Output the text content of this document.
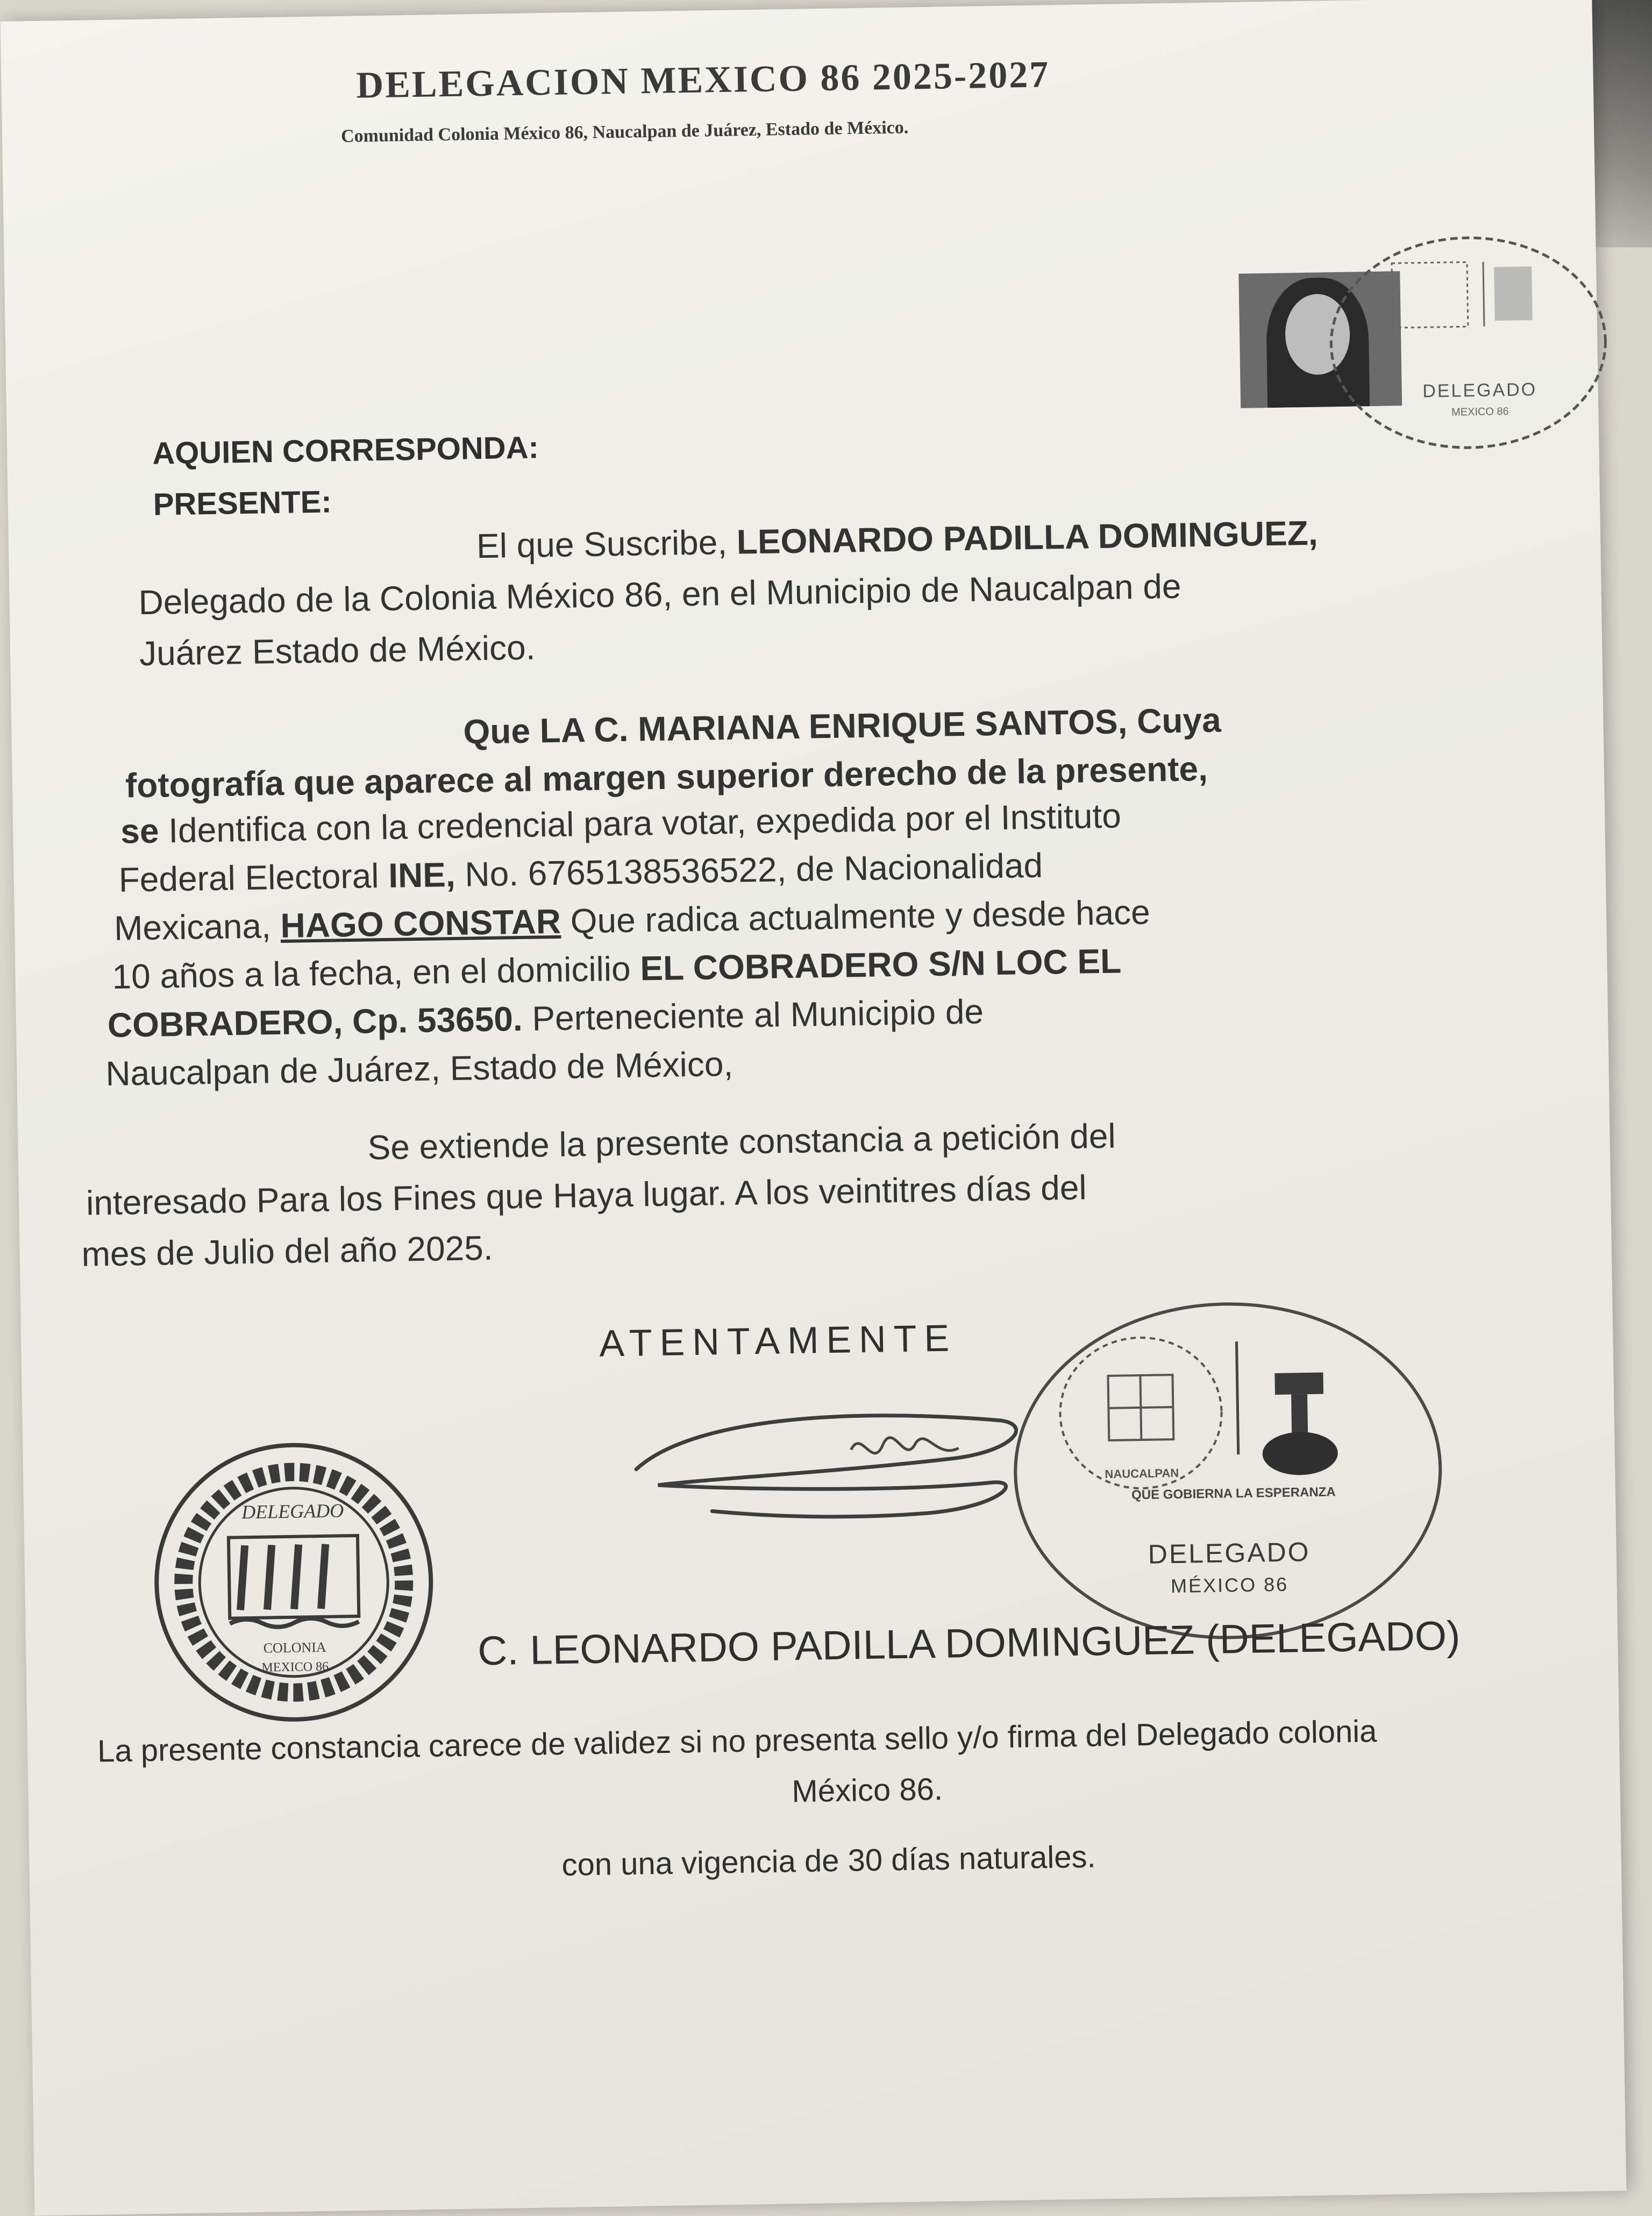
DELEGACION MEXICO 86 2025-2027
Comunidad Colonia México 86, Naucalpan de Juárez, Estado de México.
DELEGADO
MEXICO 86
AQUIEN CORRESPONDA:
PRESENTE:
El que Suscribe, LEONARDO PADILLA DOMINGUEZ,
Delegado de la Colonia México 86, en el Municipio de Naucalpan de
Juárez Estado de México.
Que LA C. MARIANA ENRIQUE SANTOS, Cuya
fotografía que aparece al margen superior derecho de la presente,
se Identifica con la credencial para votar, expedida por el Instituto
Federal Electoral INE, No. 6765138536522, de Nacionalidad
Mexicana, HAGO CONSTAR Que radica actualmente y desde hace
10 años a la fecha, en el domicilio EL COBRADERO S/N LOC EL
COBRADERO, Cp. 53650. Perteneciente al Municipio de
Naucalpan de Juárez, Estado de México,
Se extiende la presente constancia a petición del
interesado Para los Fines que Haya lugar. A los veintitres días del
mes de Julio del año 2025.
ATENTAMENTE
NAUCALPAN
QUE GOBIERNA LA ESPERANZA
DELEGADO
MÉXICO 86
DELEGADO
COLONIA
MEXICO 86	C. LEONARDO PADILLA DOMINGUEZ (DELEGADO)
La presente constancia carece de validez si no presenta sello y/o firma del Delegado colonia
México 86.
con una vigencia de 30 días naturales.
